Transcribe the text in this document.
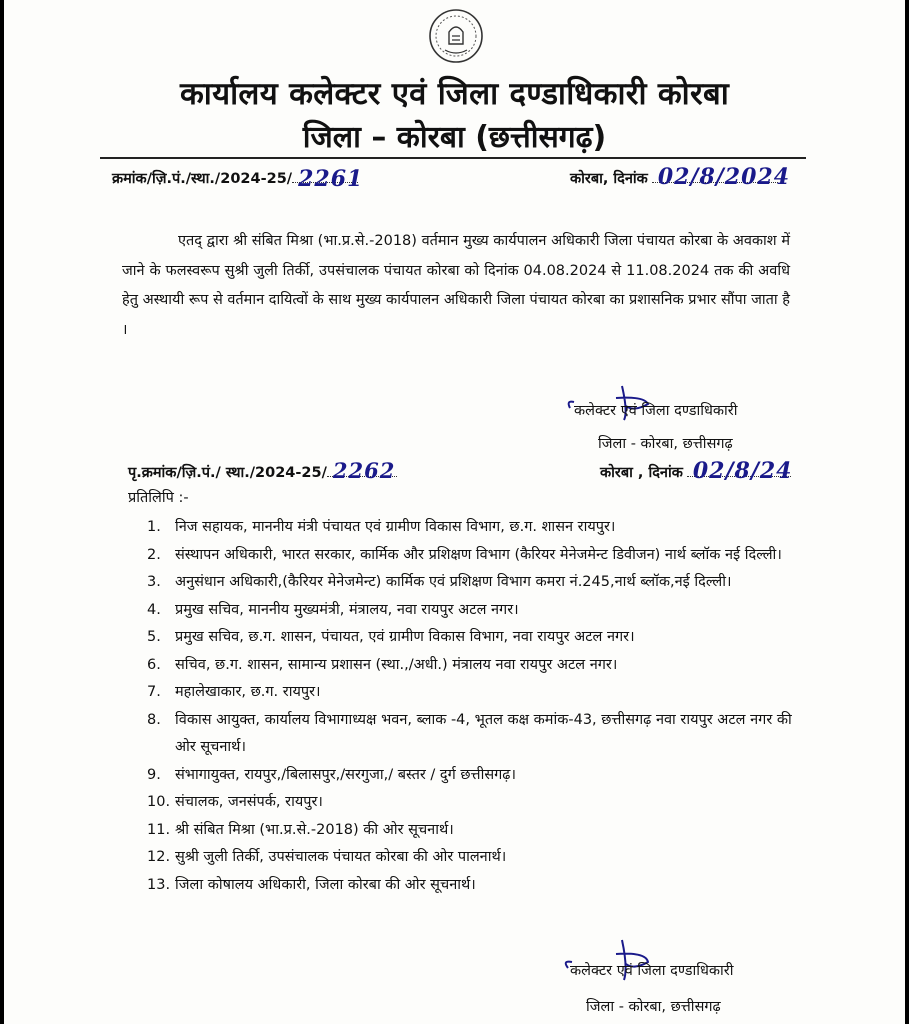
कार्यालय कलेक्टर एवं जिला दण्डाधिकारी कोरबा
जिला – कोरबा (छत्तीसगढ़)
क्रमांक/ज़ि.पं./स्था./2024-25/ 2261	कोरबा, दिनांक 02/8/2024
एतद् द्वारा श्री संबित मिश्रा (भा.प्र.से.-2018) वर्तमान मुख्य कार्यपालन अधिकारी जिला पंचायत कोरबा के अवकाश में जाने के फलस्वरूप सुश्री जुली तिर्की, उपसंचालक पंचायत कोरबा को दिनांक 04.08.2024 से 11.08.2024 तक की अवधि हेतु अस्थायी रूप से वर्तमान दायित्वों के साथ मुख्य कार्यपालन अधिकारी जिला पंचायत कोरबा का प्रशासनिक प्रभार सौंपा जाता है ।
कलेक्टर एवं जिला दण्डाधिकारी
जिला - कोरबा, छत्तीसगढ़
पृ.क्रमांक/ज़ि.पं./ स्था./2024-25/ 2262	कोरबा , दिनांक 02/8/24
प्रतिलिपि :-
1. निज सहायक, माननीय मंत्री पंचायत एवं ग्रामीण विकास विभाग, छ.ग. शासन रायपुर।
2. संस्थापन अधिकारी, भारत सरकार, कार्मिक और प्रशिक्षण विभाग (कैरियर मेनेजमेन्ट डिवीजन) नार्थ ब्लॉक नई दिल्ली।
3. अनुसंधान अधिकारी,(कैरियर मेनेजमेन्ट) कार्मिक एवं प्रशिक्षण विभाग कमरा नं.245,नार्थ ब्लॉक,नई दिल्ली।
4. प्रमुख सचिव, माननीय मुख्यमंत्री, मंत्रालय, नवा रायपुर अटल नगर।
5. प्रमुख सचिव, छ.ग. शासन, पंचायत, एवं ग्रामीण विकास विभाग, नवा रायपुर अटल नगर।
6. सचिव, छ.ग. शासन, सामान्य प्रशासन (स्था.,/अधी.) मंत्रालय नवा रायपुर अटल नगर।
7. महालेखाकार, छ.ग. रायपुर।
8. विकास आयुक्त, कार्यालय विभागाध्यक्ष भवन, ब्लाक -4, भूतल कक्ष कमांक-43, छत्तीसगढ़ नवा रायपुर अटल नगर की ओर सूचनार्थ।
9. संभागायुक्त, रायपुर,/बिलासपुर,/सरगुजा,/ बस्तर / दुर्ग छत्तीसगढ़।
10. संचालक, जनसंपर्क, रायपुर।
11. श्री संबित मिश्रा (भा.प्र.से.-2018) की ओर सूचनार्थ।
12. सुश्री जुली तिर्की, उपसंचालक पंचायत कोरबा की ओर पालनार्थ।
13. जिला कोषालय अधिकारी, जिला कोरबा की ओर सूचनार्थ।
कलेक्टर एवं जिला दण्डाधिकारी
जिला - कोरबा, छत्तीसगढ़
